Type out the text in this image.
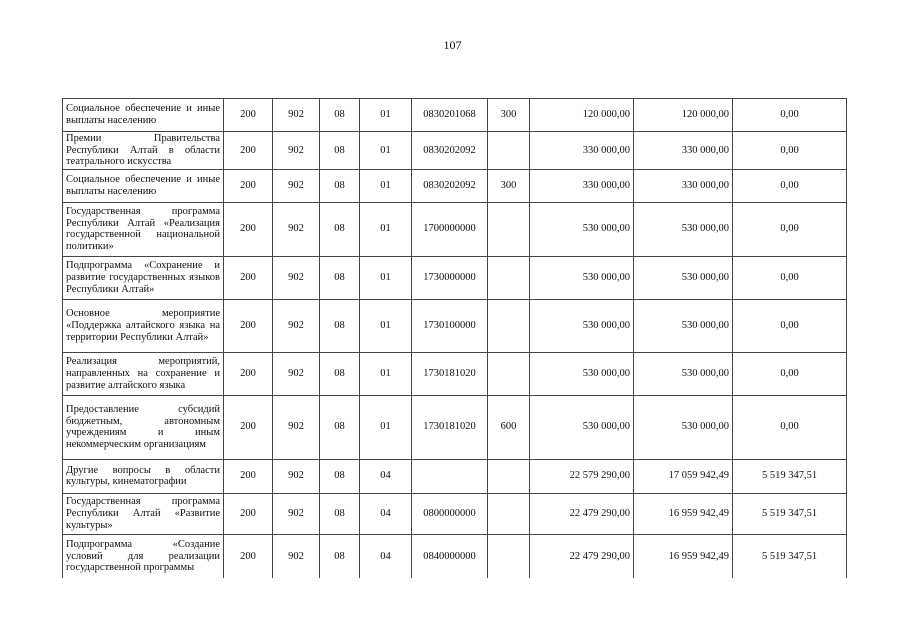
107
Социальное обеспечение и иные выплаты населению	200	902	08	01	0830201068	300	120 000,00	120 000,00	0,00
Премии Правительства Республики Алтай в области театрального искусства	200	902	08	01	0830202092		330 000,00	330 000,00	0,00
Социальное обеспечение и иные выплаты населению	200	902	08	01	0830202092	300	330 000,00	330 000,00	0,00
Государственная программа Республики Алтай «Реализация государственной национальной политики»	200	902	08	01	1700000000		530 000,00	530 000,00	0,00
Подпрограмма «Сохранение и развитие государственных языков Республики Алтай»	200	902	08	01	1730000000		530 000,00	530 000,00	0,00
Основное мероприятие «Поддержка алтайского языка на территории Республики Алтай»	200	902	08	01	1730100000		530 000,00	530 000,00	0,00
Реализация мероприятий, направленных на сохранение и развитие алтайского языка	200	902	08	01	1730181020		530 000,00	530 000,00	0,00
Предоставление субсидий бюджетным, автономным учреждениям и иным некоммерческим организациям	200	902	08	01	1730181020	600	530 000,00	530 000,00	0,00
Другие вопросы в области культуры, кинематографии	200	902	08	04			22 579 290,00	17 059 942,49	5 519 347,51
Государственная программа Республики Алтай «Развитие культуры»	200	902	08	04	0800000000		22 479 290,00	16 959 942,49	5 519 347,51
Подпрограмма «Создание условий для реализации государственной программы	200	902	08	04	0840000000		22 479 290,00	16 959 942,49	5 519 347,51
